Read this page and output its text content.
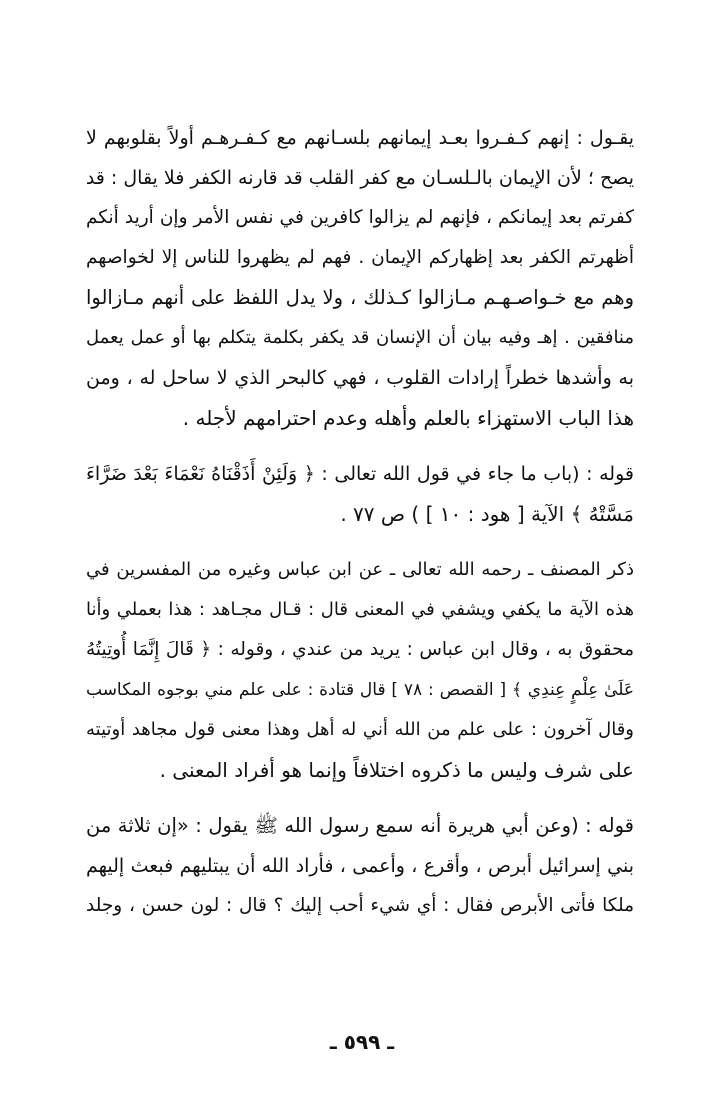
يقـول : إنهم كـفـروا بعـد إيمانهم بلسـانهم مع كـفـرهـم أولاً بقلوبهم لا
يصح ؛ لأن الإيمان بالـلسـان مع كفر القلب قد قارنه الكفر فلا يقال : قد
كفرتم بعد إيمانكم ، فإنهم لم يزالوا كافرين في نفس الأمر وإن أريد أنكم
أظهرتم الكفر بعد إظهاركم الإيمان . فهم لم يظهروا للناس إلا لخواصهم
وهم مع خـواصـهـم مـازالوا كـذلك ، ولا يدل اللفظ على أنهم مـازالوا
منافقين . إهـ وفيه بيان أن الإنسان قد يكفر بكلمة يتكلم بها أو عمل يعمل
به وأشدها خطراً إرادات القلوب ، فهي كالبحر الذي لا ساحل له ، ومن
هذا الباب الاستهزاء بالعلم وأهله وعدم احترامهم لأجله .
قوله : (باب ما جاء في قول الله تعالى : ﴿ وَلَئِنْ أَذَقْنَاهُ نَعْمَاءَ بَعْدَ ضَرَّاءَ
مَسَّتْهُ ﴾ الآية [ هود : ١٠ ] ) ص ٧٧ .
ذكر المصنف ـ رحمه الله تعالى ـ عن ابن عباس وغيره من المفسرين في
هذه الآية ما يكفي ويشفي في المعنى قال : قـال مجـاهد : هذا بعملي وأنا
محقوق به ، وقال ابن عباس : يريد من عندي ، وقوله : ﴿ قَالَ إِنَّمَا أُوتِيتُهُ
عَلَىٰ عِلْمٍ عِندِي ﴾ [ القصص : ٧٨ ] قال قتادة : على علم مني بوجوه المكاسب
وقال آخرون : على علم من الله أني له أهل وهذا معنى قول مجاهد أوتيته
على شرف وليس ما ذكروه اختلافاً وإنما هو أفراد المعنى .
قوله : (وعن أبي هريرة أنه سمع رسول الله ﷺ يقول : «إن ثلاثة من
بني إسرائيل أبرص ، وأقرع ، وأعمى ، فأراد الله أن يبتليهم فبعث إليهم
ملكا فأتى الأبرص فقال : أي شيء أحب إليك ؟ قال : لون حسن ، وجلد
ـ ٥٩٩ ـ
